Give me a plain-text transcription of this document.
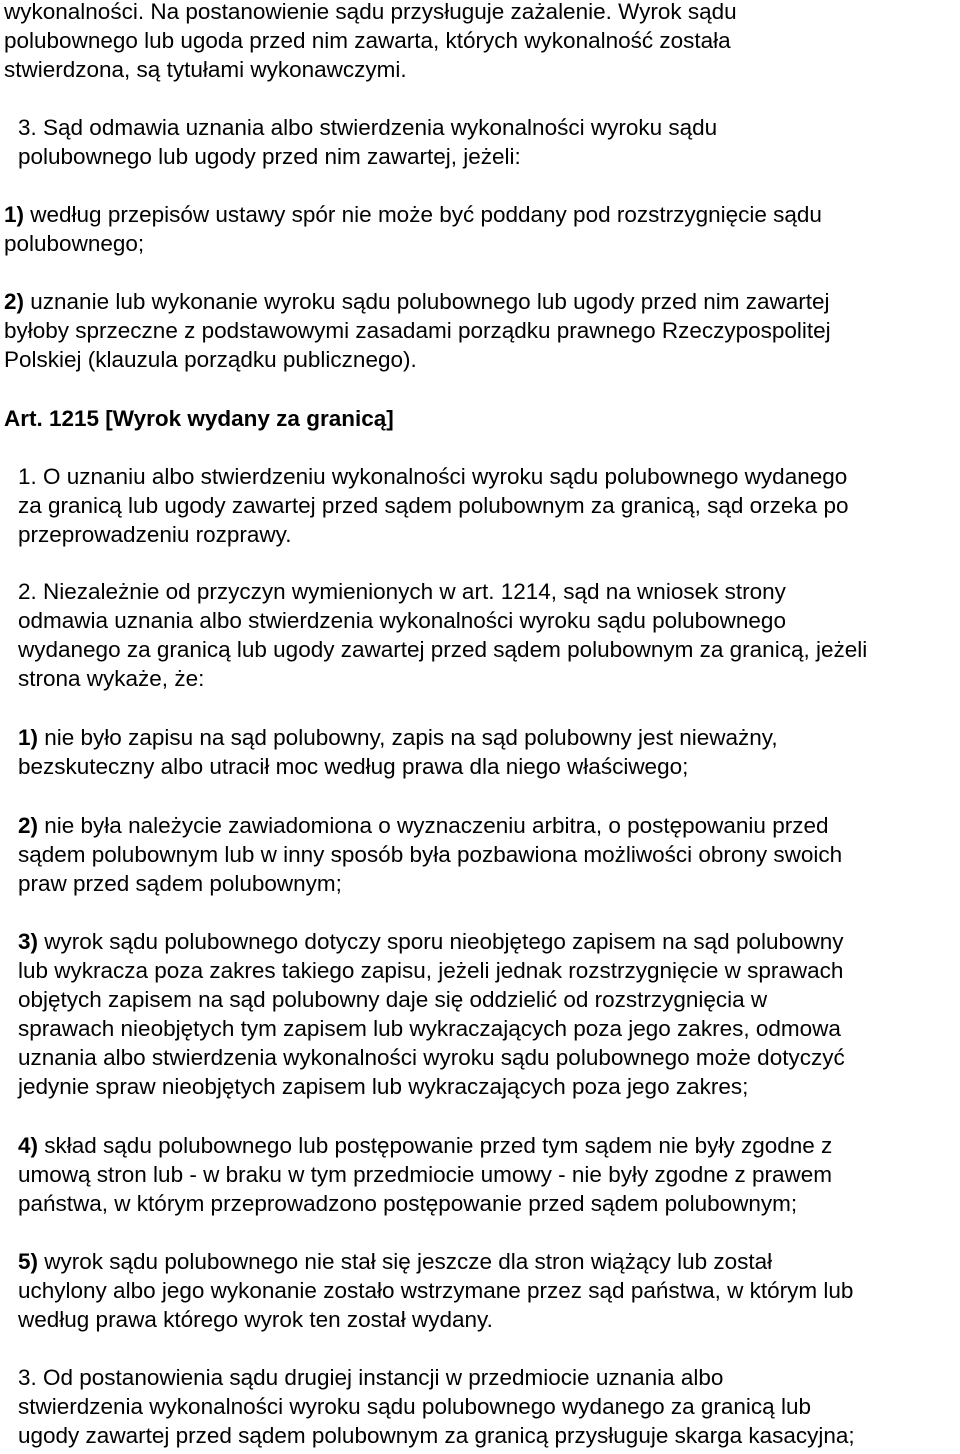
wykonalności. Na postanowienie sądu przysługuje zażalenie. Wyrok sądu
polubownego lub ugoda przed nim zawarta, których wykonalność została
stwierdzona, są tytułami wykonawczymi.

3. Sąd odmawia uznania albo stwierdzenia wykonalności wyroku sądu
polubownego lub ugody przed nim zawartej, jeżeli:

1) według przepisów ustawy spór nie może być poddany pod rozstrzygnięcie sądu
polubownego;

2) uznanie lub wykonanie wyroku sądu polubownego lub ugody przed nim zawartej
byłoby sprzeczne z podstawowymi zasadami porządku prawnego Rzeczypospolitej
Polskiej (klauzula porządku publicznego).

Art. 1215 [Wyrok wydany za granicą]

1. O uznaniu albo stwierdzeniu wykonalności wyroku sądu polubownego wydanego
za granicą lub ugody zawartej przed sądem polubownym za granicą, sąd orzeka po
przeprowadzeniu rozprawy.

2. Niezależnie od przyczyn wymienionych w art. 1214, sąd na wniosek strony
odmawia uznania albo stwierdzenia wykonalności wyroku sądu polubownego
wydanego za granicą lub ugody zawartej przed sądem polubownym za granicą, jeżeli
strona wykaże, że:

1) nie było zapisu na sąd polubowny, zapis na sąd polubowny jest nieważny,
bezskuteczny albo utracił moc według prawa dla niego właściwego;

2) nie była należycie zawiadomiona o wyznaczeniu arbitra, o postępowaniu przed
sądem polubownym lub w inny sposób była pozbawiona możliwości obrony swoich
praw przed sądem polubownym;

3) wyrok sądu polubownego dotyczy sporu nieobjętego zapisem na sąd polubowny
lub wykracza poza zakres takiego zapisu, jeżeli jednak rozstrzygnięcie w sprawach
objętych zapisem na sąd polubowny daje się oddzielić od rozstrzygnięcia w
sprawach nieobjętych tym zapisem lub wykraczających poza jego zakres, odmowa
uznania albo stwierdzenia wykonalności wyroku sądu polubownego może dotyczyć
jedynie spraw nieobjętych zapisem lub wykraczających poza jego zakres;

4) skład sądu polubownego lub postępowanie przed tym sądem nie były zgodne z
umową stron lub - w braku w tym przedmiocie umowy - nie były zgodne z prawem
państwa, w którym przeprowadzono postępowanie przed sądem polubownym;

5) wyrok sądu polubownego nie stał się jeszcze dla stron wiążący lub został
uchylony albo jego wykonanie zostało wstrzymane przez sąd państwa, w którym lub
według prawa którego wyrok ten został wydany.

3. Od postanowienia sądu drugiej instancji w przedmiocie uznania albo
stwierdzenia wykonalności wyroku sądu polubownego wydanego za granicą lub
ugody zawartej przed sądem polubownym za granicą przysługuje skarga kasacyjna;
